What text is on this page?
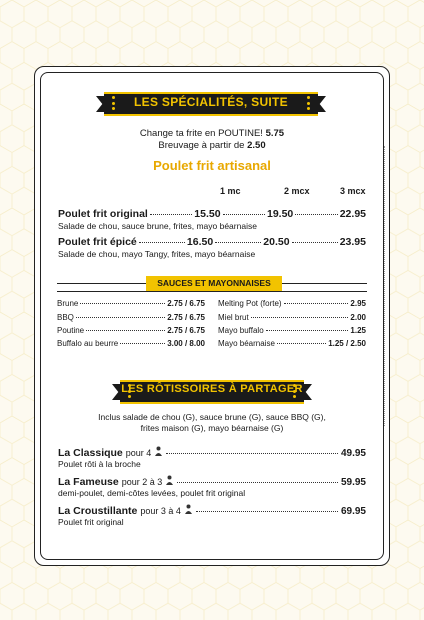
LES SPÉCIALITÉS, SUITE
Change ta frite en POUTINE! 5.75
Breuvage à partir de 2.50
Poulet frit artisanal
1 mc	2 mcx	3 mcx
Poulet frit original	15.50	19.50	22.95
Salade de chou, sauce brune, frites, mayo béarnaise
Poulet frit épicé	16.50	20.50	23.95
Salade de chou, mayo Tangy, frites, mayo béarnaise
SAUCES ET MAYONNAISES
Brune	2.75 / 6.75
BBQ	2.75 / 6.75
Poutine	2.75 / 6.75
Buffalo au beurre	3.00 / 8.00
Melting Pot (forte)	2.95
Miel brut	2.00
Mayo buffalo	1.25
Mayo béarnaise	1.25 / 2.50
LES RÔTISSOIRES À PARTAGER
Inclus salade de chou (G), sauce brune (G), sauce BBQ (G),
frites maison (G), mayo béarnaise (G)
La Classique pour 4	49.95
Poulet rôti à la broche
La Fameuse pour 2 à 3	59.95
demi-poulet, demi-côtes levées, poulet frit original
La Croustillante pour 3 à 4	69.95
Poulet frit original
